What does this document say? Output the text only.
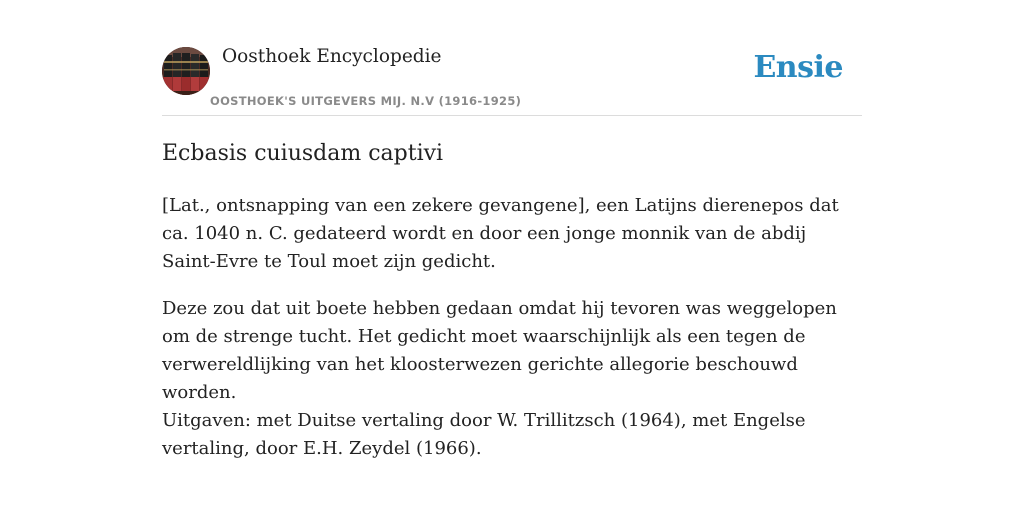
Oosthoek Encyclopedie
OOSTHOEK'S UITGEVERS MIJ. N.V (1916-1925)
Ensie
Ecbasis cuiusdam captivi

[Lat., ontsnapping van een zekere gevangene], een Latijns dierenepos dat ca. 1040 n. C. gedateerd wordt en door een jonge monnik van de abdij Saint-Evre te Toul moet zijn gedicht.

Deze zou dat uit boete hebben gedaan omdat hij tevoren was weggelopen om de strenge tucht. Het gedicht moet waarschijnlijk als een tegen de verwereldlijking van het kloosterwezen gerichte allegorie beschouwd worden.

Uitgaven: met Duitse vertaling door W. Trillitzsch (1964), met Engelse vertaling, door E.H. Zeydel (1966).
